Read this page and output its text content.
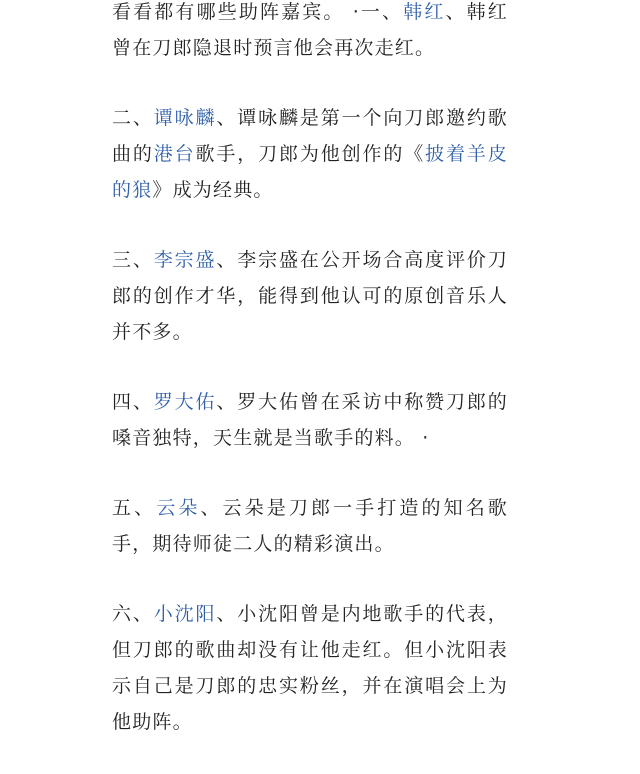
看看都有哪些助阵嘉宾。 ·一、韩红、韩红曾在刀郎隐退时预言他会再次走红。

二、谭咏麟、谭咏麟是第一个向刀郎邀约歌曲的港台歌手，刀郎为他创作的《披着羊皮的狼》成为经典。

三、李宗盛、李宗盛在公开场合高度评价刀郎的创作才华，能得到他认可的原创音乐人并不多。

四、罗大佑、罗大佑曾在采访中称赞刀郎的嗓音独特，天生就是当歌手的料。 ·

五、云朵、云朵是刀郎一手打造的知名歌手，期待师徒二人的精彩演出。

六、小沈阳、小沈阳曾是内地歌手的代表，但刀郎的歌曲却没有让他走红。但小沈阳表示自己是刀郎的忠实粉丝，并在演唱会上为他助阵。
